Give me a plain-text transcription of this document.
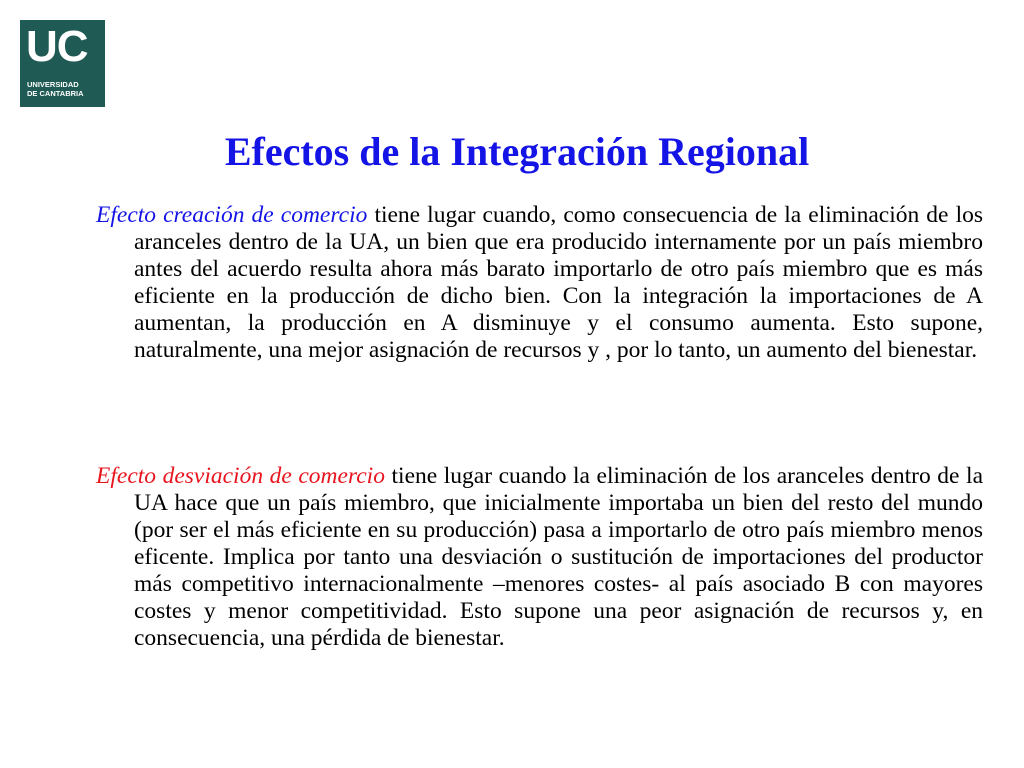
UC
UNIVERSIDAD
DE CANTABRIA
Efectos de la Integración Regional

Efecto creación de comercio tiene lugar cuando, como consecuencia de la eliminación de los aranceles dentro de la UA, un bien que era producido internamente por un país miembro antes del acuerdo resulta ahora más barato importarlo de otro país miembro que es más eficiente en la producción de dicho bien. Con la integración la importaciones de A aumentan, la producción en A disminuye y el consumo aumenta. Esto supone, naturalmente, una mejor asignación de recursos y , por lo tanto, un aumento del bienestar.

Efecto desviación de comercio tiene lugar cuando la eliminación de los aranceles dentro de la UA hace que un país miembro, que inicialmente importaba un bien del resto del mundo (por ser el más eficiente en su producción) pasa a importarlo de otro país miembro menos eficente. Implica por tanto una desviación o sustitución de importaciones del productor más competitivo internacionalmente –menores costes- al país asociado B con mayores costes y menor competitividad. Esto supone una peor asignación de recursos y, en consecuencia, una pérdida de bienestar.
